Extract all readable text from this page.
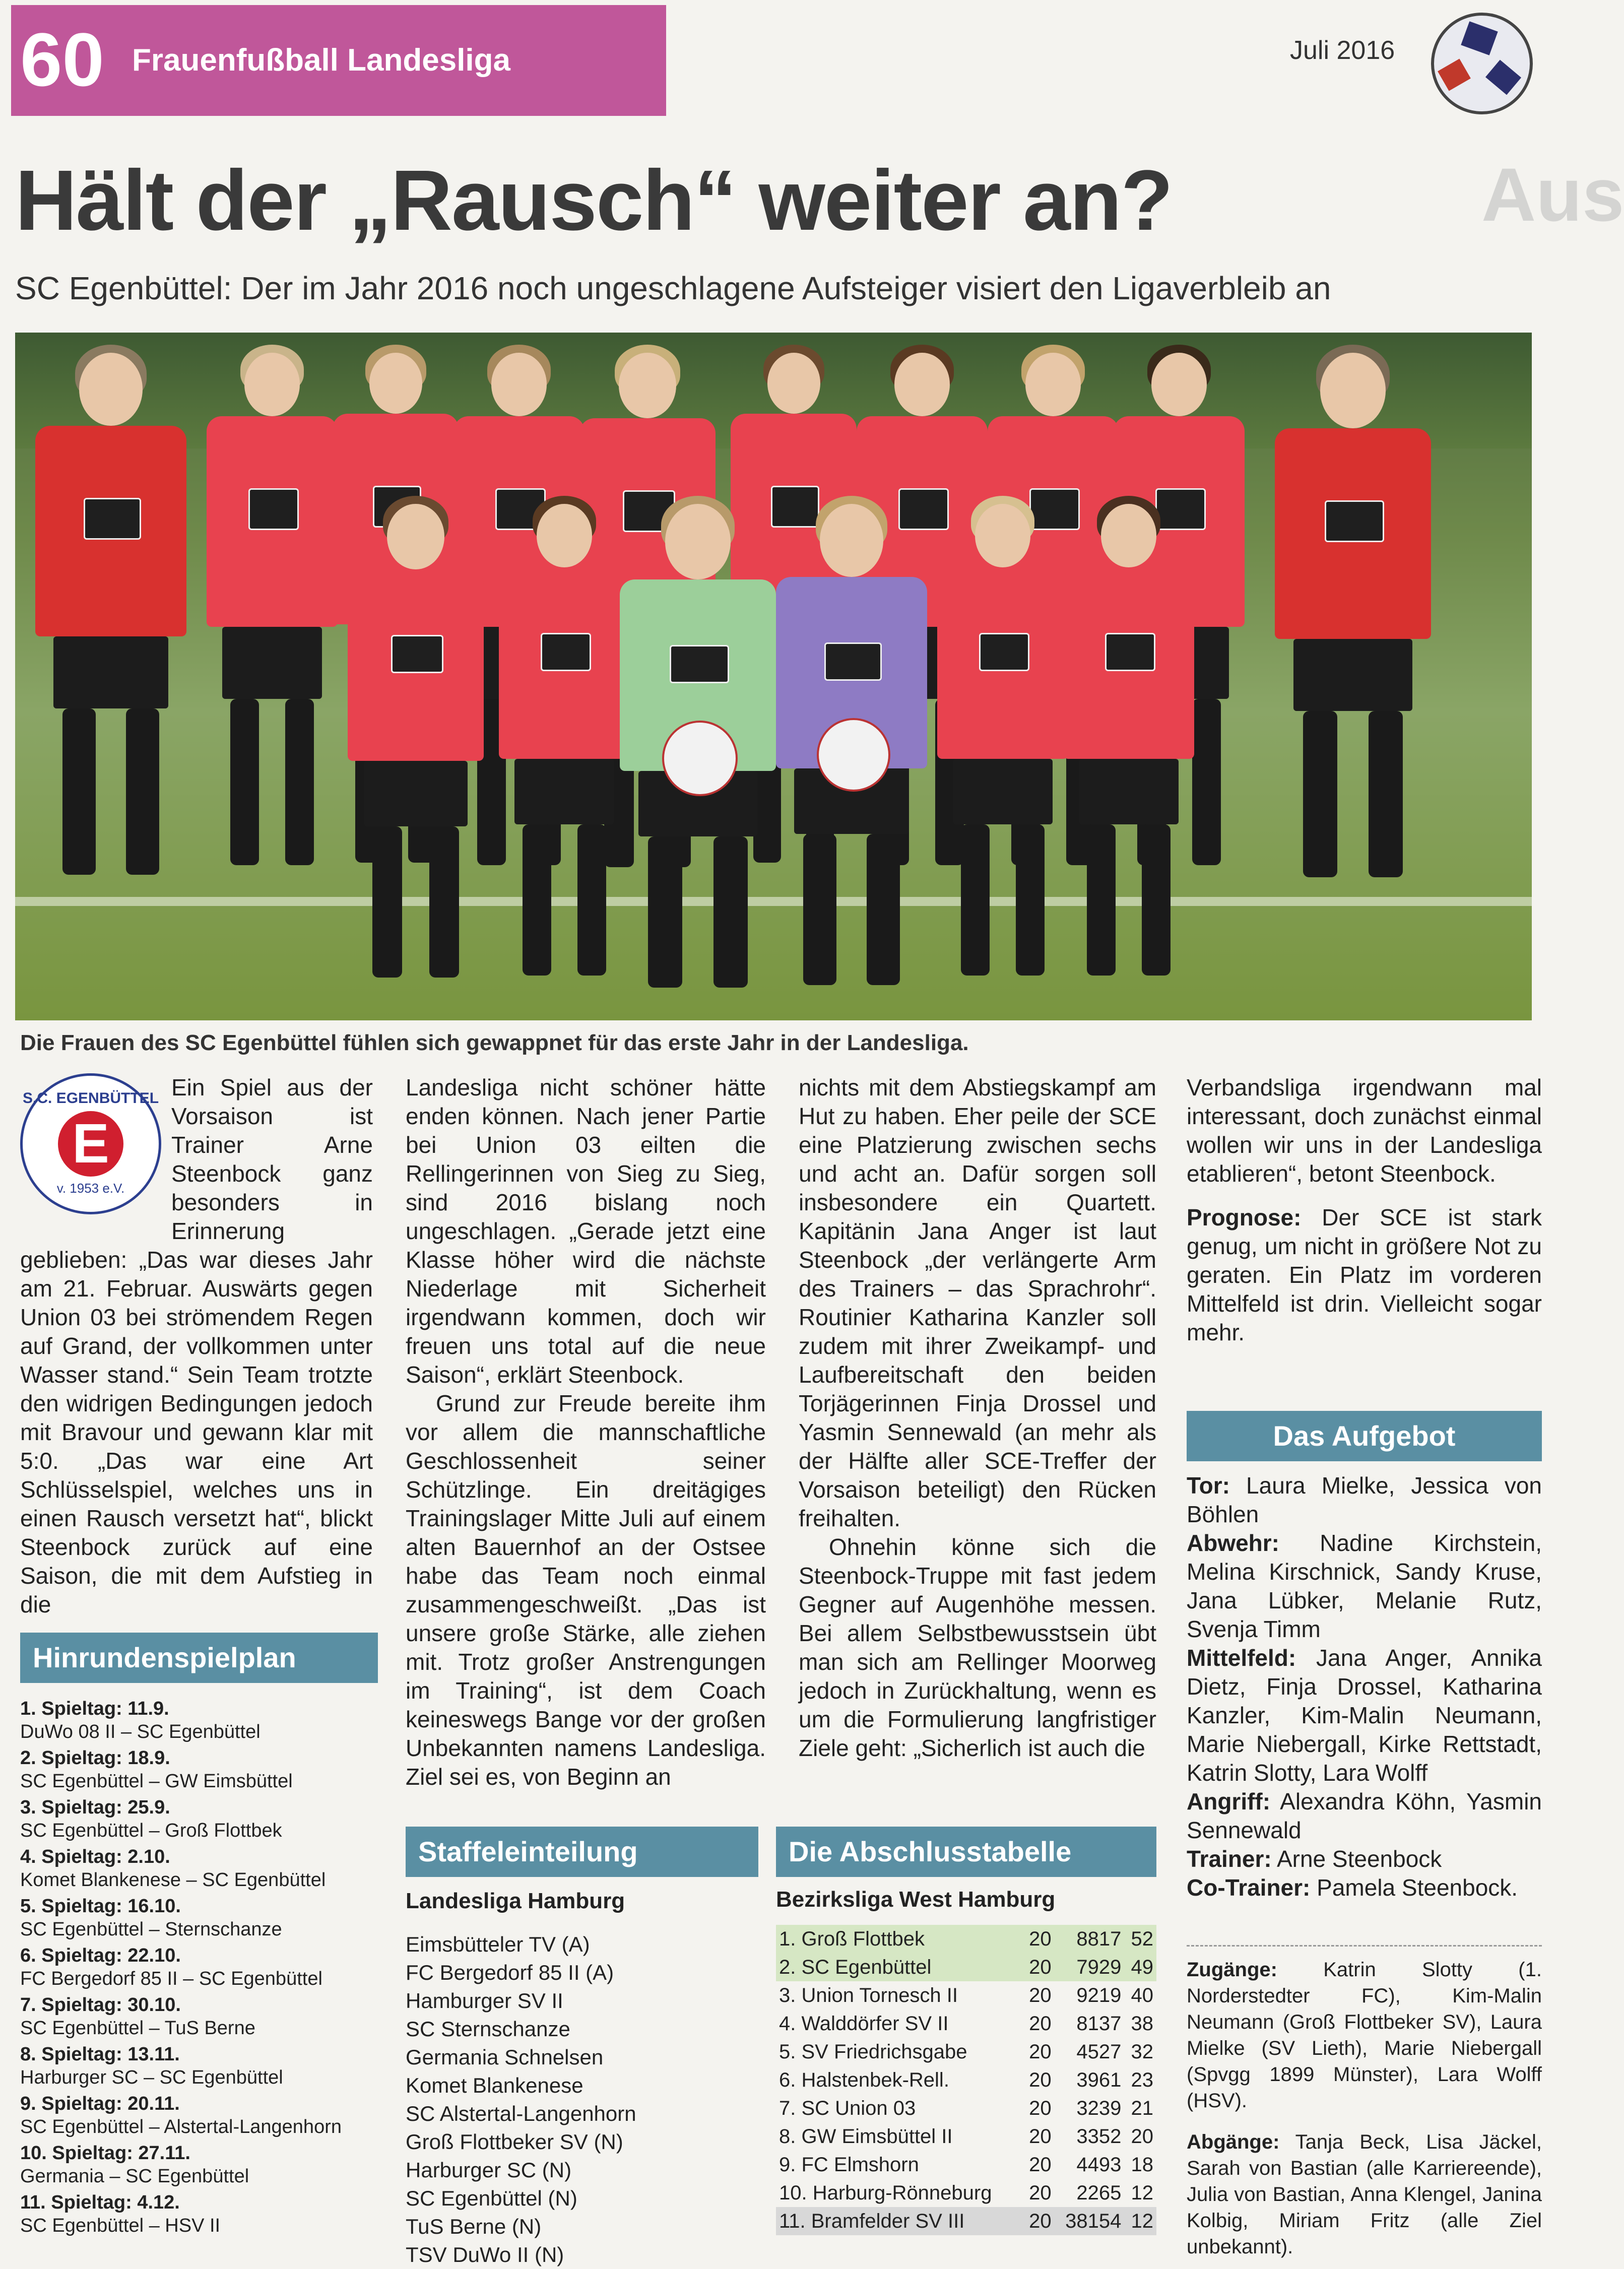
60 Frauenfußball Landesliga	Juli 2016
Aus
Hält der „Rausch“ weiter an?
SC Egenbüttel: Der im Jahr 2016 noch ungeschlagene Aufsteiger visiert den Ligaverbleib an
Die Frauen des SC Egenbüttel fühlen sich gewappnet für das erste Jahr in der Landesliga.
S.C. EGENBÜTTEL
E
v. 1953 e.V.

Ein Spiel aus der Vorsaison ist Trainer Arne Steenbock ganz besonders in Erinnerung geblieben: „Das war dieses Jahr am 21. Februar. Auswärts gegen Union 03 bei strömendem Regen auf Grand, der vollkommen unter Wasser stand.“ Sein Team trotzte den widrigen Bedingungen jedoch mit Bravour und gewann klar mit 5:0. „Das war eine Art Schlüsselspiel, welches uns in einen Rausch versetzt hat“, blickt Steenbock zurück auf eine Saison, die mit dem Aufstieg in die

Hinrundenspielplan
1. Spieltag: 11.9.
DuWo 08 II – SC Egenbüttel
2. Spieltag: 18.9.
SC Egenbüttel – GW Eimsbüttel
3. Spieltag: 25.9.
SC Egenbüttel – Groß Flottbek
4. Spieltag: 2.10.
Komet Blankenese – SC Egenbüttel
5. Spieltag: 16.10.
SC Egenbüttel – Sternschanze
6. Spieltag: 22.10.
FC Bergedorf 85 II – SC Egenbüttel
7. Spieltag: 30.10.
SC Egenbüttel – TuS Berne
8. Spieltag: 13.11.
Harburger SC – SC Egenbüttel
9. Spieltag: 20.11.
SC Egenbüttel – Alstertal-Langenhorn
10. Spieltag: 27.11.
Germania – SC Egenbüttel
11. Spieltag: 4.12.
SC Egenbüttel – HSV II

Landesliga nicht schöner hätte enden können. Nach jener Partie bei Union 03 eilten die Rellingerinnen von Sieg zu Sieg, sind 2016 bislang noch ungeschlagen. „Gerade jetzt eine Klasse höher wird die nächste Niederlage mit Sicherheit irgendwann kommen, doch wir freuen uns total auf die neue Saison“, erklärt Steenbock.

Grund zur Freude bereite ihm vor allem die mannschaftliche Geschlossenheit seiner Schützlinge. Ein dreitägiges Trainingslager Mitte Juli auf einem alten Bauernhof an der Ostsee habe das Team noch einmal zusammengeschweißt. „Das ist unsere große Stärke, alle ziehen mit. Trotz großer Anstrengungen im Training“, ist dem Coach keineswegs Bange vor der großen Unbekannten namens Landesliga. Ziel sei es, von Beginn an

Staffeleinteilung
Landesliga Hamburg
Eimsbütteler TV (A)
FC Bergedorf 85 II (A)
Hamburger SV II
SC Sternschanze
Germania Schnelsen
Komet Blankenese
SC Alstertal-Langenhorn
Groß Flottbeker SV (N)
Harburger SC (N)
SC Egenbüttel (N)
TuS Berne (N)
TSV DuWo II (N)

nichts mit dem Abstiegskampf am Hut zu haben. Eher peile der SCE eine Platzierung zwischen sechs und acht an. Dafür sorgen soll insbesondere ein Quartett. Kapitänin Jana Anger ist laut Steenbock „der verlängerte Arm des Trainers – das Sprachrohr“. Routinier Katharina Kanzler soll zudem mit ihrer Zweikampf- und Laufbereitschaft den beiden Torjägerinnen Finja Drossel und Yasmin Sennewald (an mehr als der Hälfte aller SCE-Treffer der Vorsaison beteiligt) den Rücken freihalten.

Ohnehin könne sich die Steenbock-Truppe mit fast jedem Gegner auf Augenhöhe messen. Bei allem Selbstbewusstsein übt man sich am Rellinger Moorweg jedoch in Zurückhaltung, wenn es um die Formulierung langfristiger Ziele geht: „Sicherlich ist auch die

Die Abschlusstabelle
Bezirksliga West Hamburg
1. Groß Flottbek	20	8817	52
2. SC Egenbüttel	20	7929	49
3. Union Tornesch II	20	9219	40
4. Walddörfer SV II	20	8137	38
5. SV Friedrichsgabe	20	4527	32
6. Halstenbek-Rell.	20	3961	23
7. SC Union 03	20	3239	21
8. GW Eimsbüttel II	20	3352	20
9. FC Elmshorn	20	4493	18
10. Harburg-Rönneburg	20	2265	12
11. Bramfelder SV III	20	38154	12

Verbandsliga irgendwann mal interessant, doch zunächst einmal wollen wir uns in der Landesliga etablieren“, betont Steenbock.

Prognose: Der SCE ist stark genug, um nicht in größere Not zu geraten. Ein Platz im vorderen Mittelfeld ist drin. Vielleicht sogar mehr.

Das Aufgebot
Tor: Laura Mielke, Jessica von Böhlen
Abwehr: Nadine Kirchstein, Melina Kirschnick, Sandy Kruse, Jana Lübker, Melanie Rutz, Svenja Timm
Mittelfeld: Jana Anger, Annika Dietz, Finja Drossel, Katharina Kanzler, Kim-Malin Neumann, Marie Niebergall, Kirke Rettstadt, Katrin Slotty, Lara Wolff
Angriff: Alexandra Köhn, Yasmin Sennewald
Trainer: Arne Steenbock
Co-Trainer: Pamela Steenbock.
Zugänge: Katrin Slotty (1. Norderstedter FC), Kim-Malin Neumann (Groß Flottbeker SV), Laura Mielke (SV Lieth), Marie Niebergall (Spvgg 1899 Münster), Lara Wolff (HSV).
Abgänge: Tanja Beck, Lisa Jäckel, Sarah von Bastian (alle Karriereende), Julia von Bastian, Anna Klengel, Janina Kolbig, Miriam Fritz (alle Ziel unbekannt).
